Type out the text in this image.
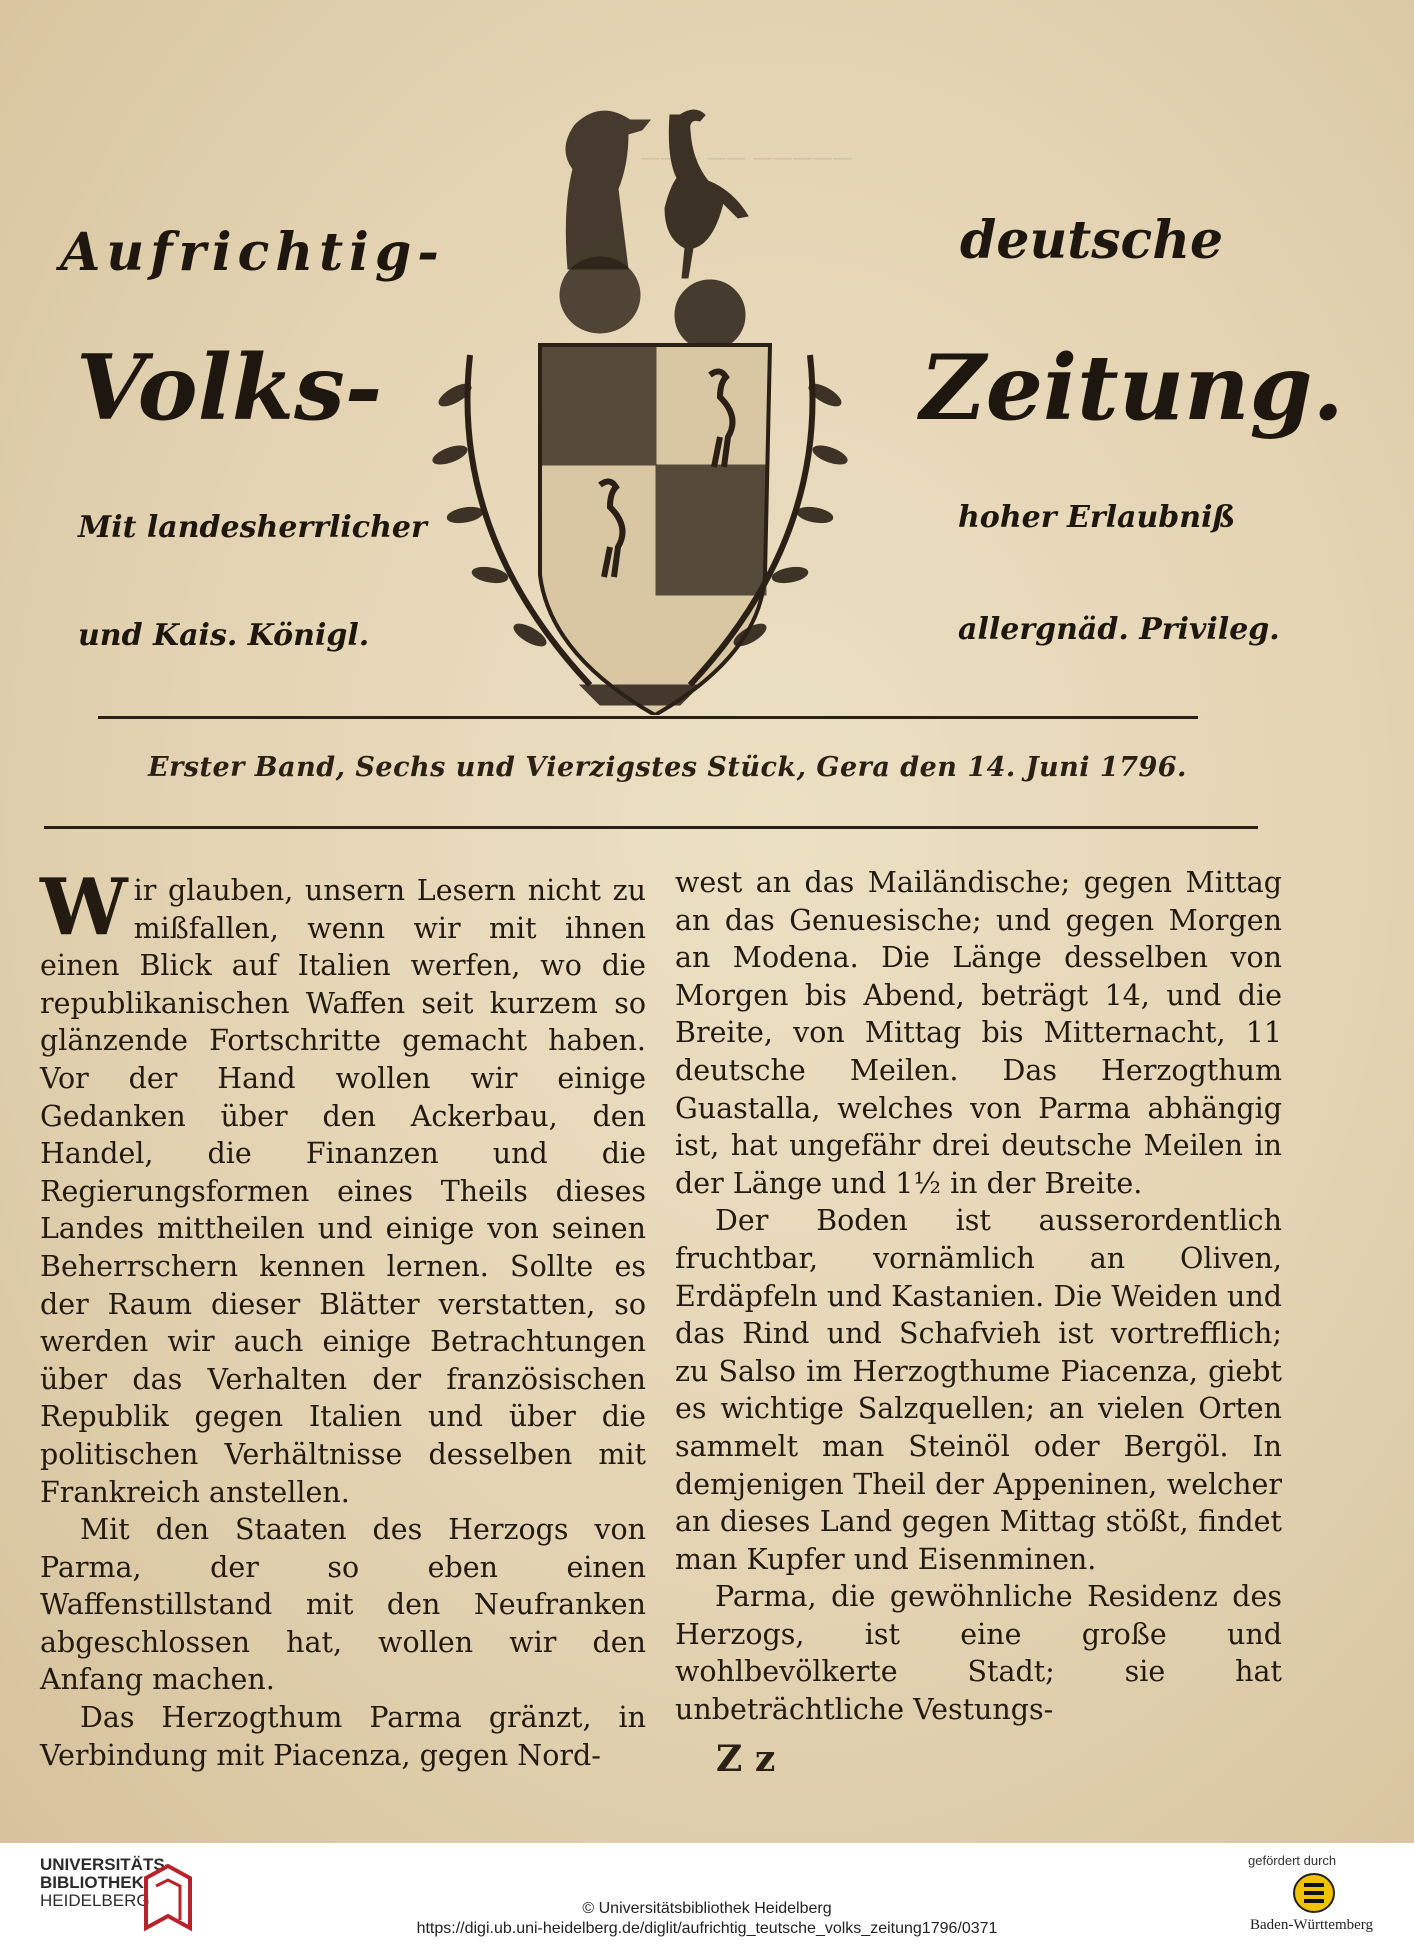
——— —— —————
Aufrichtig-	deutsche
Volks-	Zeitung.
Mit landesherrlicher
und Kais. Königl.
hoher Erlaubniß
allergnäd. Privileg.
Erster Band, Sechs und Vierzigstes Stück, Gera den 14. Juni 1796.

Wir glauben, unsern Lesern nicht zu mißfallen, wenn wir mit ihnen einen Blick auf Italien werfen, wo die republikanischen Waffen seit kurzem so glänzende Fortschritte gemacht haben. Vor der Hand wollen wir einige Gedanken über den Ackerbau, den Handel, die Finanzen und die Regierungsformen eines Theils dieses Landes mittheilen und einige von seinen Beherrschern kennen lernen. Sollte es der Raum dieser Blätter verstatten, so werden wir auch einige Betrachtungen über das Verhalten der französischen Republik gegen Italien und über die politischen Verhältnisse desselben mit Frankreich anstellen.

Mit den Staaten des Herzogs von Parma, der so eben einen Waffenstillstand mit den Neufranken abgeschlossen hat, wollen wir den Anfang machen.

Das Herzogthum Parma gränzt, in Verbindung mit Piacenza, gegen Nord-

west an das Mailändische; gegen Mittag an das Genuesische; und gegen Morgen an Modena. Die Länge desselben von Morgen bis Abend, beträgt 14, und die Breite, von Mittag bis Mitternacht, 11 deutsche Meilen. Das Herzogthum Guastalla, welches von Parma abhängig ist, hat ungefähr drei deutsche Meilen in der Länge und 1½ in der Breite.

Der Boden ist ausserordentlich fruchtbar, vornämlich an Oliven, Erdäpfeln und Kastanien. Die Weiden und das Rind und Schafvieh ist vortrefflich; zu Salso im Herzogthume Piacenza, giebt es wichtige Salzquellen; an vielen Orten sammelt man Steinöl oder Bergöl. In demjenigen Theil der Appeninen, welcher an dieses Land gegen Mittag stößt, findet man Kupfer und Eisenminen.

Parma, die gewöhnliche Residenz des Herzogs, ist eine große und wohlbevölkerte Stadt; sie hat unbeträchtliche Vestungs-

Z z
UNIVERSITÄTS-
BIBLIOTHEK
HEIDELBERG	© Universitätsbibliothek Heidelberg
https://digi.ub.uni-heidelberg.de/diglit/aufrichtig_teutsche_volks_zeitung1796/0371
gefördert durch
Baden-Württemberg
